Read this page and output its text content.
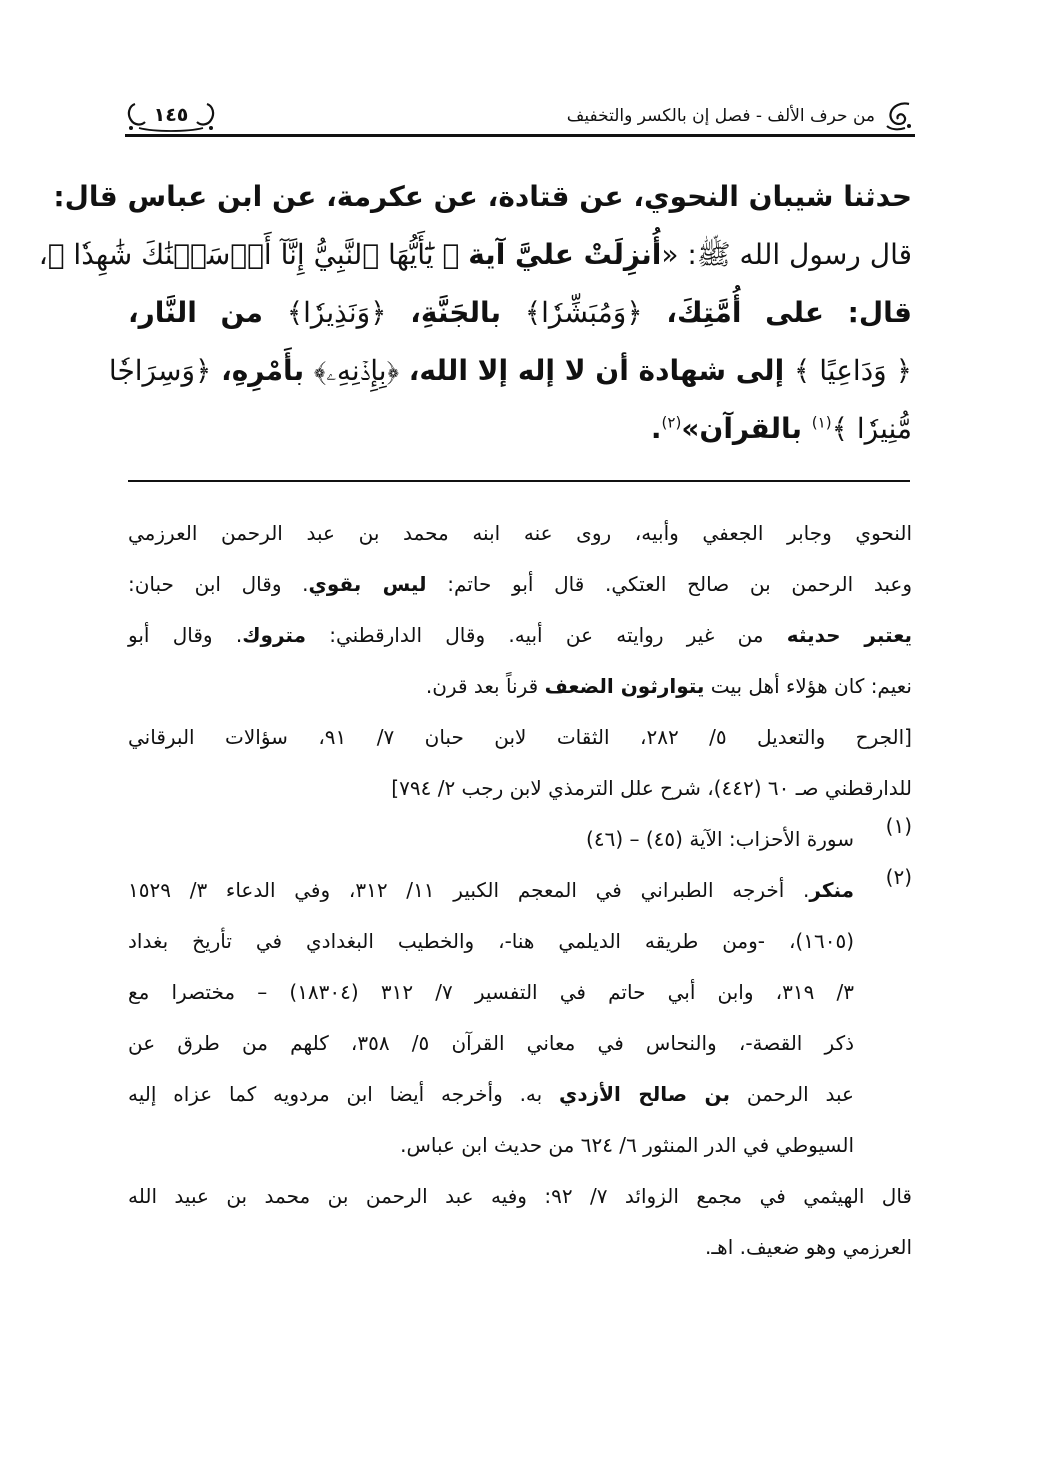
من حرف الألف - فصل إن بالكسر والتخفيف
١٤٥
حدثنا شيبان النحوي، عن قتادة، عن عكرمة، عن ابن عباس قال:
قال رسول الله ﷺ: «أُنزِلَتْ عليَّ آية ﴿ يَٰٓأَيُّهَا ٱلنَّبِيُّ إِنَّآ أَرۡسَلۡنَٰكَ شَٰهِدٗا ﴾،
قال: على أُمَّتِكَ، ﴿وَمُبَشِّرٗا﴾ بالجَنَّةِ، ﴿وَنَذِيرٗا﴾ من النَّار،
﴿ وَدَاعِيًا ﴾ إلى شهادة أن لا إله إلا الله، ﴿بِإِذۡنِهِۦ﴾ بأَمْرِهِ، ﴿وَسِرَاجٗا
مُّنِيرٗا ﴾$^{(١)}$ بالقرآن»$^{(٢)}$.
النحوي وجابر الجعفي وأبيه، روى عنه ابنه محمد بن عبد الرحمن العرزمي
وعبد الرحمن بن صالح العتكي. قال أبو حاتم: ليس بقوي. وقال ابن حبان:
يعتبر حديثه من غير روايته عن أبيه. وقال الدارقطني: متروك. وقال أبو
نعيم: كان هؤلاء أهل بيت يتوارثون الضعف قرناً بعد قرن.
[الجرح والتعديل ٥/ ٢٨٢، الثقات لابن حبان ٧/ ٩١، سؤالات البرقاني
للدارقطني صـ ٦٠ (٤٤٢)، شرح علل الترمذي لابن رجب ٢/ ٧٩٤]
(١)
سورة الأحزاب: الآية (٤٥) – (٤٦)
(٢)
منكر. أخرجه الطبراني في المعجم الكبير ١١/ ٣١٢، وفي الدعاء ٣/ ١٥٢٩
(١٦٠٥)، -ومن طريقه الديلمي هنا-، والخطيب البغدادي في تأريخ بغداد
٣/ ٣١٩، وابن أبي حاتم في التفسير ٧/ ٣١٢ (١٨٣٠٤) – مختصرا مع
ذكر القصة-، والنحاس في معاني القرآن ٥/ ٣٥٨، كلهم من طرق عن
عبد الرحمن بن صالح الأزدي به. وأخرجه أيضا ابن مردويه كما عزاه إليه
السيوطي في الدر المنثور ٦/ ٦٢٤ من حديث ابن عباس.
قال الهيثمي في مجمع الزوائد ٧/ ٩٢: وفيه عبد الرحمن بن محمد بن عبيد الله
العرزمي وهو ضعيف. اهـ.
